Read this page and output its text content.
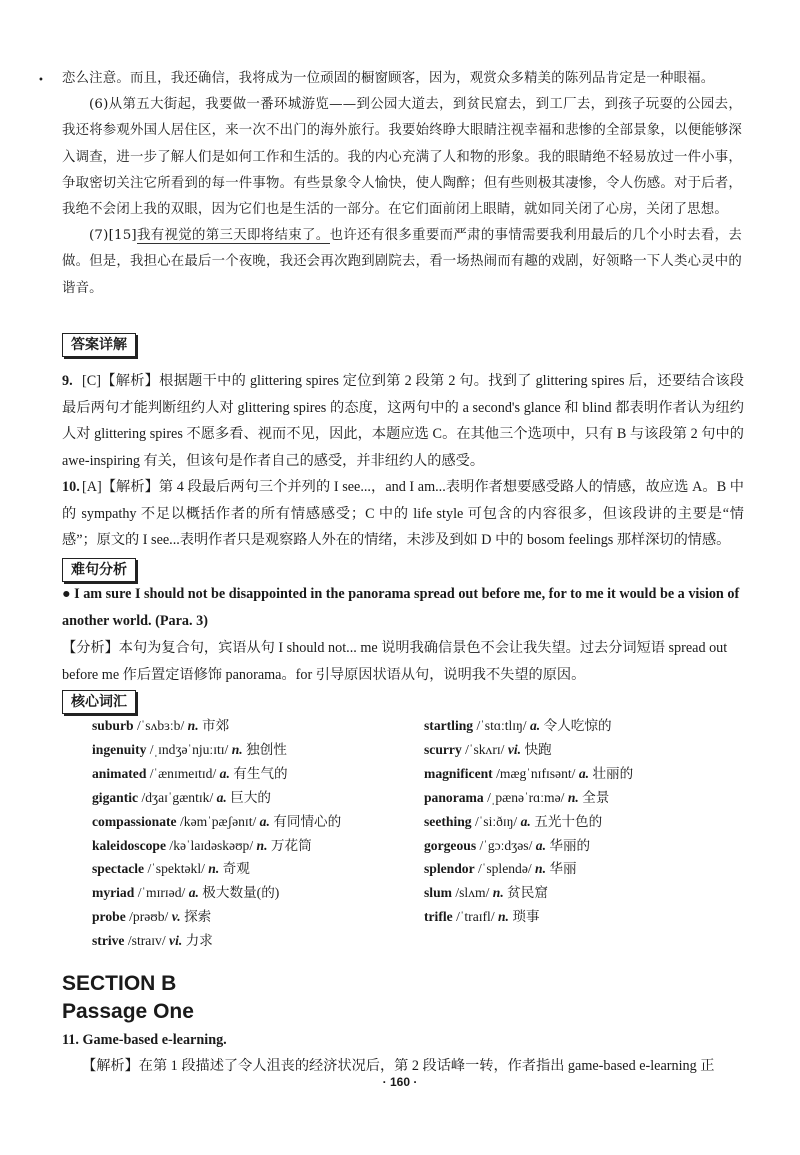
• 恋么注意。而且，我还确信，我将成为一位顽固的橱窗顾客，因为，观赏众多精美的陈列品肯定是一种眼福。

(6)从第五大街起，我要做一番环城游览——到公园大道去，到贫民窟去，到工厂去，到孩子玩耍的公园去，我还将参观外国人居住区，来一次不出门的海外旅行。我要始终睁大眼睛注视幸福和悲惨的全部景象，以便能够深入调查，进一步了解人们是如何工作和生活的。我的内心充满了人和物的形象。我的眼睛绝不轻易放过一件小事，争取密切关注它所看到的每一件事物。有些景象令人愉快，使人陶醉；但有些则极其凄惨，令人伤感。对于后者，我绝不会闭上我的双眼，因为它们也是生活的一部分。在它们面前闭上眼睛，就如同关闭了心房，关闭了思想。

(7)[15]我有视觉的第三天即将结束了。也许还有很多重要而严肃的事情需要我利用最后的几个小时去看，去做。但是，我担心在最后一个夜晚，我还会再次跑到剧院去，看一场热闹而有趣的戏剧，好领略一下人类心灵中的谐音。

答案详解

9. [C]【解析】根据题干中的 glittering spires 定位到第 2 段第 2 句。找到了 glittering spires 后，还要结合该段最后两句才能判断纽约人对 glittering spires 的态度，这两句中的 a second's glance 和 blind 都表明作者认为纽约人对 glittering spires 不愿多看、视而不见，因此，本题应选 C。在其他三个选项中，只有 B 与该段第 2 句中的 awe-inspiring 有关，但该句是作者自己的感受，并非纽约人的感受。

10. [A]【解析】第 4 段最后两句三个并列的 I see...，and I am...表明作者想要感受路人的情感，故应选 A。B 中的 sympathy 不足以概括作者的所有情感感受；C 中的 life style 可包含的内容很多，但该段讲的主要是“情感”；原文的 I see...表明作者只是观察路人外在的情绪，未涉及到如 D 中的 bosom feelings 那样深切的情感。

难句分析

● I am sure I should not be disappointed in the panorama spread out before me, for to me it would be a vision of another world. (Para. 3)

【分析】本句为复合句，宾语从句 I should not... me 说明我确信景色不会让我失望。过去分词短语 spread out before me 作后置定语修饰 panorama。for 引导原因状语从句，说明我不失望的原因。

核心词汇
suburb /ˈsʌbɜːb/ n. 市郊
ingenuity /ˌɪndʒəˈnjuːɪtɪ/ n. 独创性
animated /ˈænɪmeɪtɪd/ a. 有生气的
gigantic /dʒaɪˈgæntɪk/ a. 巨大的
compassionate /kəmˈpæʃənɪt/ a. 有同情心的
kaleidoscope /kəˈlaɪdəskəʊp/ n. 万花筒
spectacle /ˈspektəkl/ n. 奇观
myriad /ˈmɪrɪəd/ a. 极大数量(的)
probe /prəʊb/ v. 探索
strive /straɪv/ vi. 力求
startling /ˈstɑːtlɪŋ/ a. 令人吃惊的
scurry /ˈskʌrɪ/ vi. 快跑
magnificent /mægˈnɪfɪsənt/ a. 壮丽的
panorama /ˌpænəˈrɑːmə/ n. 全景
seething /ˈsiːðɪŋ/ a. 五光十色的
gorgeous /ˈgɔːdʒəs/ a. 华丽的
splendor /ˈsplendə/ n. 华丽
slum /slʌm/ n. 贫民窟
trifle /ˈtraɪfl/ n. 琐事
SECTION B
Passage One

11. Game-based e-learning.

【解析】在第 1 段描述了令人沮丧的经济状况后，第 2 段话峰一转，作者指出 game-based e-learning 正

· 160 ·
